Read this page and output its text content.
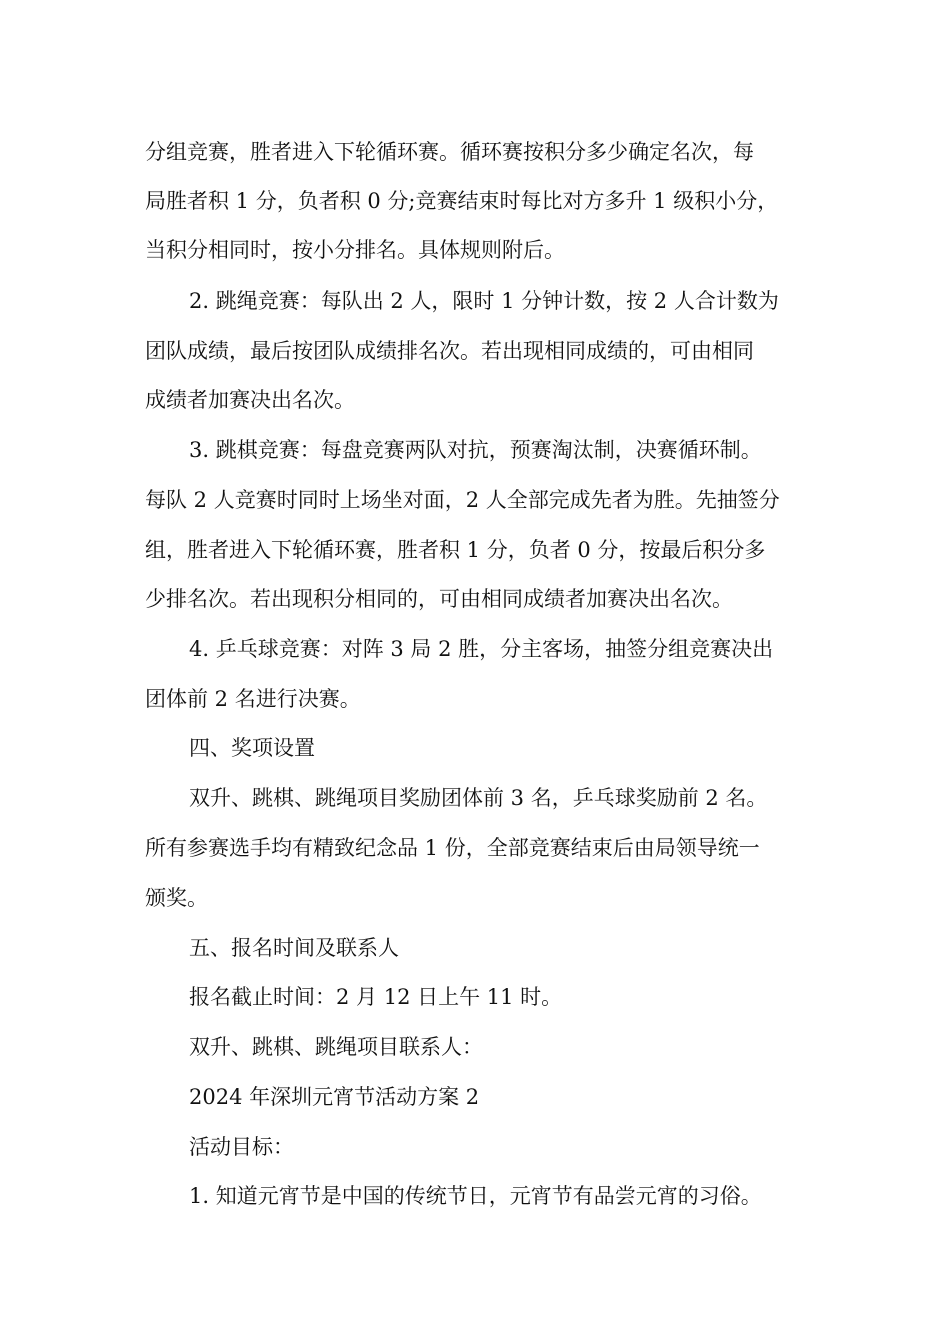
分组竞赛，胜者进入下轮循环赛。循环赛按积分多少确定名次，每
局胜者积 1 分，负者积 0 分;竞赛结束时每比对方多升 1 级积小分，
当积分相同时，按小分排名。具体规则附后。
2. 跳绳竞赛：每队出 2 人，限时 1 分钟计数，按 2 人合计数为
团队成绩，最后按团队成绩排名次。若出现相同成绩的，可由相同
成绩者加赛决出名次。
3. 跳棋竞赛：每盘竞赛两队对抗，预赛淘汰制，决赛循环制。
每队 2 人竞赛时同时上场坐对面，2 人全部完成先者为胜。先抽签分
组，胜者进入下轮循环赛，胜者积 1 分，负者 0 分，按最后积分多
少排名次。若出现积分相同的，可由相同成绩者加赛决出名次。
4. 乒乓球竞赛：对阵 3 局 2 胜，分主客场，抽签分组竞赛决出
团体前 2 名进行决赛。
四、奖项设置
双升、跳棋、跳绳项目奖励团体前 3 名，乒乓球奖励前 2 名。
所有参赛选手均有精致纪念品 1 份，全部竞赛结束后由局领导统一
颁奖。
五、报名时间及联系人
报名截止时间：2 月 12 日上午 11 时。
双升、跳棋、跳绳项目联系人：
2024 年深圳元宵节活动方案 2
活动目标：
1. 知道元宵节是中国的传统节日，元宵节有品尝元宵的习俗。
